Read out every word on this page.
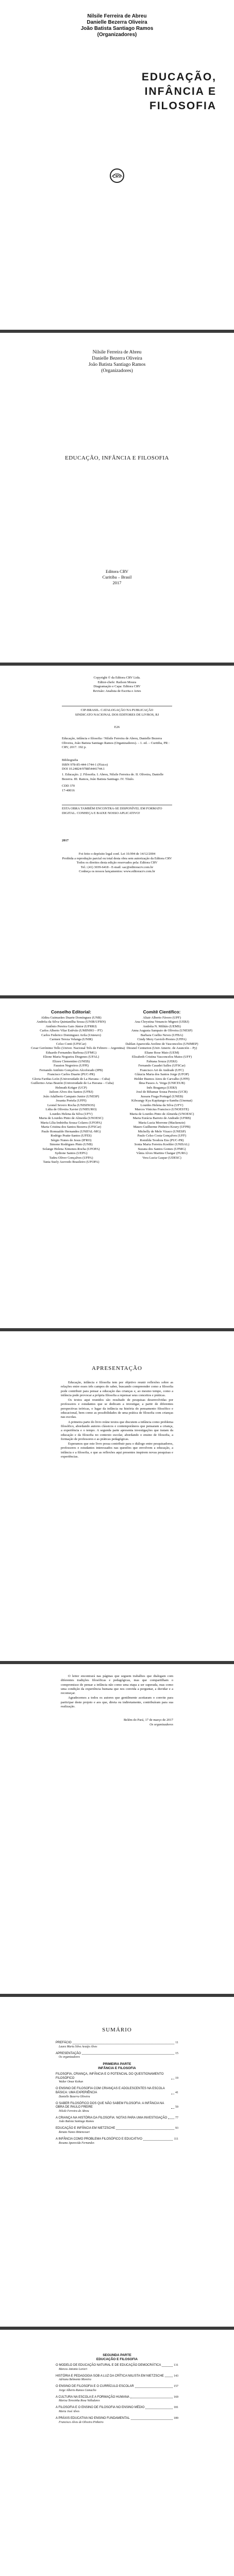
Nilsile Ferreira de Abreu
Danielle Bezerra Oliveira
João Batista Santiago Ramos
(Organizadores)
EDUCAÇÃO,
INFÂNCIA E
FILOSOFIA
CRV
Nilsile Ferreira de Abreu
Danielle Bezerra Oliveira
João Batista Santiago Ramos
(Organizadores)
EDUCAÇÃO, INFÂNCIA E FILOSOFIA
Editora CRV
Curitiba – Brasil
2017
Copyright © da Editora CRV Ltda.
Editor-chefe: Railson Moura
Diagramação e Capa: Editora CRV
Revisão: Analista de Escrita e Artes
CIP-BRASIL. CATALOGAÇÃO NA PUBLICAÇÃO
SINDICATO NACIONAL DOS EDITORES DE LIVROS, RJ
E26
Educação, infância e filosofia / Nilsile Ferreira de Abreu, Danielle Bezerra Oliveira, João Batista Santiago Ramos (Organizadores). – 1. ed. – Curitiba, PR : CRV, 2017. 192 p.
Bibliografia
ISBN 978-85-444-1744-1 (Físico)
DOI 10.24824/978854441744.1
1. Educação. 2. Filosofia. I. Abreu, Nilsile Ferreira de. II. Oliveira, Danielle Bezerra. III. Ramos, João Batista Santiago. IV. Título.
CDD 370
17-40016
ESTA OBRA TAMBÉM ENCONTRA-SE DISPONÍVEL EM FORMATO DIGITAL. CONHEÇA E BAIXE NOSSO APLICATIVO!
2017
Foi feito o depósito legal conf. Lei 10.994 de 14/12/2004
Proibida a reprodução parcial ou total desta obra sem autorização da Editora CRV
Todos os direitos desta edição reservados pela: Editora CRV
Tel.: (41) 3039-6418 - E-mail: sac@editoracrv.com.br
Conheça os nossos lançamentos: www.editoracrv.com.br
Conselho Editorial:
Aldira Guimarães Duarte Domínguez (UNB)
Andréia da Silva Quintanilha Sousa (UNIR/UFRN)
Antônio Pereira Gaio Júnior (UFRRJ)
Carlos Alberto Vilar Estêvão (UMINHO – PT)
Carlos Federico Dominguez Avila (Unieuro)
Carmen Tereza Velanga (UNIR)
Celso Conti (UFSCar)
Cesar Gerónimo Tello (Univer. Nacional Três de Febrero – Argentina)
Eduardo Fernandes Barbosa (UFMG)
Elione Maria Nogueira Diogenes (UFAL)
Elizeu Clementino (UNEB)
Fauston Negreiros (UFPI)
Fernando Antônio Gonçalves Alcoforado (IPB)
Francisco Carlos Duarte (PUC-PR)
Gloria Fariñas León (Universidade de La Havana – Cuba)
Guillermo Arias Beatón (Universidade de La Havana – Cuba)
Helmuth Krüger (UCP)
Jailson Alves dos Santos (UFRJ)
João Adalberto Campato Junior (UNESP)
Josania Portela (UFPI)
Leonel Severo Rocha (UNISINOS)
Lídia de Oliveira Xavier (UNIEURO)
Lourdes Helena da Silva (UFV)
Maria de Lourdes Pinto de Almeida (UNOESC)
Maria Lília Imbiriba Sousa Colares (UFOPA)
Maria Cristina dos Santos Bezerra (UFSCar)
Paulo Romualdo Hernandes (UNIFAL-MG)
Rodrigo Pratte-Santos (UFES)
Sérgio Nunes de Jesus (IFRO)
Simone Rodrigues Pinto (UNB)
Solange Helena Ximenes-Rocha (UFOPA)
Sydione Santos (UEPG)
Tadeu Oliver Gonçalves (UFPA)
Tania Suely Azevedo Brasileiro (UFOPA)
Comitê Científico:
Altair Alberto Fávero (UPF)
Ana Chrystina Venancio Mignot (UERJ)
Andréia N. Militão (UEMS)
Anna Augusta Sampaio de Oliveira (UNESP)
Barbara Coelho Neves (UFBA)
Cindy Mery Gavioli-Prestes (UFPA)
Dalilan Aparecida Avelino de Vasconcelos (UNIMEP)
Diosnel Centurion (Univ Americ. de Asunción – Py)
Eliane Rose Maio (UEM)
Elizabeth Cristina Vasconcelos Matos (UFF)
Fabiana Souza (UERJ)
Fernando Casadei Salles (UFSCar)
Francisco Ari de Andrade (UFC)
Gláucia Maria dos Santos Jorge (UFOP)
Helder Buenos Aires de Carvalho (UFPI)
Ilma Passos A. Veiga (UNICEUB)
Inês Bragança (UERJ)
José de Ribamar Sousa Pereira (UCB)
Jussara Fraga Portugal (UNEB)
Kilwangy Kya Kapitango-a-Samba (Unemat)
Lourdes Helena da Silva (UFV)
Marcos Vinicius Francisco (UNOESTE)
Maria de Lourdes Pinto de Almeida (UNOESC)
Maria Eurácia Barreto de Andrade (UFRB)
Maria Lucia Morrone (Mackenzie)
Mauro Guilherme Pinheiro Koury (UFPB)
Michelly de Melo Vizaco (UNESP)
Paulo Celso Costa Gonçalves (UFF)
Romilda Teodora Ens (PUC-PR)
Sonia Maria Ferreira Koehler (UNISAL)
Suzana dos Santos Gomes (UFMG)
Vânia Alves Martins Chaigar (FURG)
Vera Lucia Gaspar (UDESC)
APRESENTAÇÃO

Educação, infância e filosofia tem por objetivo reunir reflexões sobre as relações entre esses três campos do saber, buscando compreender como a filosofia pode contribuir para pensar a educação das crianças e, ao mesmo tempo, como a infância pode provocar a própria filosofia a repensar seus conceitos e práticas.

Os textos aqui reunidos são resultado de pesquisas desenvolvidas por professores e estudantes que se dedicam a investigar, a partir de diferentes perspectivas teóricas, o lugar da infância na história do pensamento filosófico e educacional, bem como as possibilidades de uma prática de filosofia com crianças nas escolas.

A primeira parte do livro reúne textos que discutem a infância como problema filosófico, abordando autores clássicos e contemporâneos que pensaram a criança, a experiência e o tempo. A segunda parte apresenta investigações que tratam da educação e da filosofia no contexto escolar, abordando o ensino de filosofia, a formação de professores e as práticas pedagógicas.

Esperamos que este livro possa contribuir para o diálogo entre pesquisadores, professores e estudantes interessados nas questões que envolvem a educação, a infância e a filosofia, e que as reflexões aqui presentes inspirem novas pesquisas e experiências.

O leitor encontrará nas páginas que seguem trabalhos que dialogam com diferentes tradições filosóficas e pedagógicas, mas que compartilham o compromisso de pensar a infância não como uma etapa a ser superada, mas como uma condição da experiência humana que nos convida a perguntar, a duvidar e a recomeçar.

Agradecemos a todos os autores que gentilmente aceitaram o convite para participar deste projeto e aos que, direta ou indiretamente, contribuíram para sua realização.

Belém do Pará, 17 de março de 2017
Os organizadores
SUMÁRIO
PREFÁCIO	11
Laura Maria Silva Araújo Alves
APRESENTAÇÃO	15
Os organizadores
PRIMEIRA PARTE
INFÂNCIA E FILOSOFIA
FILOSOFIA, CRIANÇA, INFÂNCIA E O POTENCIAL DO QUESTIONAMENTO FILOSÓFICO	19
Walter Omar Kohan
O ENSINO DE FILOSOFIA COM CRIANÇAS E ADOLESCENTES NA ESCOLA BÁSICA: UMA EXPERIÊNCIA	41
Danielle Bezerra Oliveira
O SABER FILOSÓFICO DOS QUE NÃO SABEM FILOSOFIA: A INFÂNCIA NA OBRA DE PAULO FREIRE	59
Nilsile Ferreira de Abreu
A CRIANÇA NA HISTÓRIA DA FILOSOFIA: NOTAS PARA UMA INVESTIGAÇÃO	77
João Batista Santiago Ramos
EDUCAÇÃO E INFÂNCIA EM NIETZSCHE	93
Renato Nunes Bittencourt
A INFÂNCIA COMO PROBLEMA FILOSÓFICO E EDUCATIVO	111
Rosana Aparecida Fernandes
SEGUNDA PARTE
EDUCAÇÃO E FILOSOFIA
O MODELO DE EDUCAÇÃO NATURAL E DE EDUCAÇÃO DEMOCRÁTICA	131
Marcos Antonio Lorieri
HISTÓRIA E PEDAGOGIA SOB A LUZ DA CRÍTICA NIILISTA EM NIETZSCHE	143
Adriana Belmonte Moreira
O ENSINO DE FILOSOFIA E O CURRÍCULO ESCOLAR	157
Jorge Alberto Ramos Camacho
A CULTURA NA ESCOLA E A FORMAÇÃO HUMANA	169
Marisa Teresinha Rosa Valladares
A FILOSOFIA E O ENSINO DE FILOSOFIA NO ENSINO MÉDIO	181
Maria José Alves
A PRÁXIS EDUCATIVA NO ENSINO FUNDAMENTAL	189
Francisco Alves de Oliveira Pinheiro
